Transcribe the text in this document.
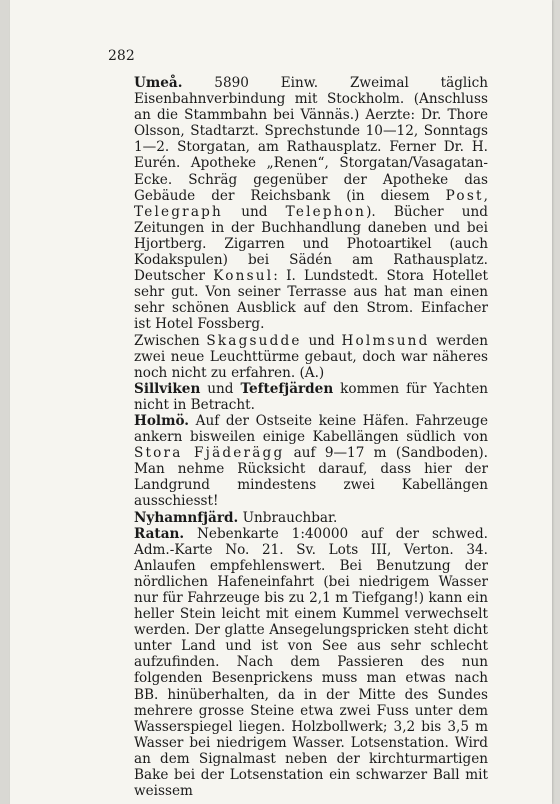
282

Umeå. 5890 Einw. Zweimal täglich Eisenbahnverbindung mit Stockholm. (Anschluss an die Stammbahn bei Vännäs.) Aerzte: Dr. Thore Olsson, Stadtarzt. Sprechstunde 10—12, Sonntags 1—2. Storgatan, am Rathausplatz. Ferner Dr. H. Eurén. Apotheke „Renen“, Storgatan/Vasagatan-Ecke. Schräg gegenüber der Apotheke das Gebäude der Reichsbank (in diesem Post, Telegraph und Telephon). Bücher und Zeitungen in der Buchhandlung daneben und bei Hjortberg. Zigarren und Photoartikel (auch Kodakspulen) bei Sädén am Rathausplatz. Deutscher Konsul: I. Lundstedt. Stora Hotellet sehr gut. Von seiner Terrasse aus hat man einen sehr schönen Ausblick auf den Strom. Einfacher ist Hotel Fossberg.

Zwischen Skagsudde und Holmsund werden zwei neue Leuchttürme gebaut, doch war näheres noch nicht zu erfahren. (A.)

Sillviken und Teftefjärden kommen für Yachten nicht in Betracht.

Holmö. Auf der Ostseite keine Häfen. Fahrzeuge ankern bisweilen einige Kabellängen südlich von Stora Fjäderägg auf 9—17 m (Sandboden). Man nehme Rücksicht darauf, dass hier der Landgrund mindestens zwei Kabellängen ausschiesst!

Nyhamnfjärd. Unbrauchbar.

Ratan. Nebenkarte 1:40000 auf der schwed. Adm.-Karte No. 21. Sv. Lots III, Verton. 34. Anlaufen empfehlenswert. Bei Benutzung der nördlichen Hafeneinfahrt (bei niedrigem Wasser nur für Fahrzeuge bis zu 2,1 m Tiefgang!) kann ein heller Stein leicht mit einem Kummel verwechselt werden. Der glatte Ansegelungspricken steht dicht unter Land und ist von See aus sehr schlecht aufzufinden. Nach dem Passieren des nun folgenden Besenprickens muss man etwas nach BB. hinüberhalten, da in der Mitte des Sundes mehrere grosse Steine etwa zwei Fuss unter dem Wasserspiegel liegen. Holzbollwerk; 3,2 bis 3,5 m Wasser bei niedrigem Wasser. Lotsenstation. Wird an dem Signalmast neben der kirchturmartigen Bake bei der Lotsenstation ein schwarzer Ball mit weissem
